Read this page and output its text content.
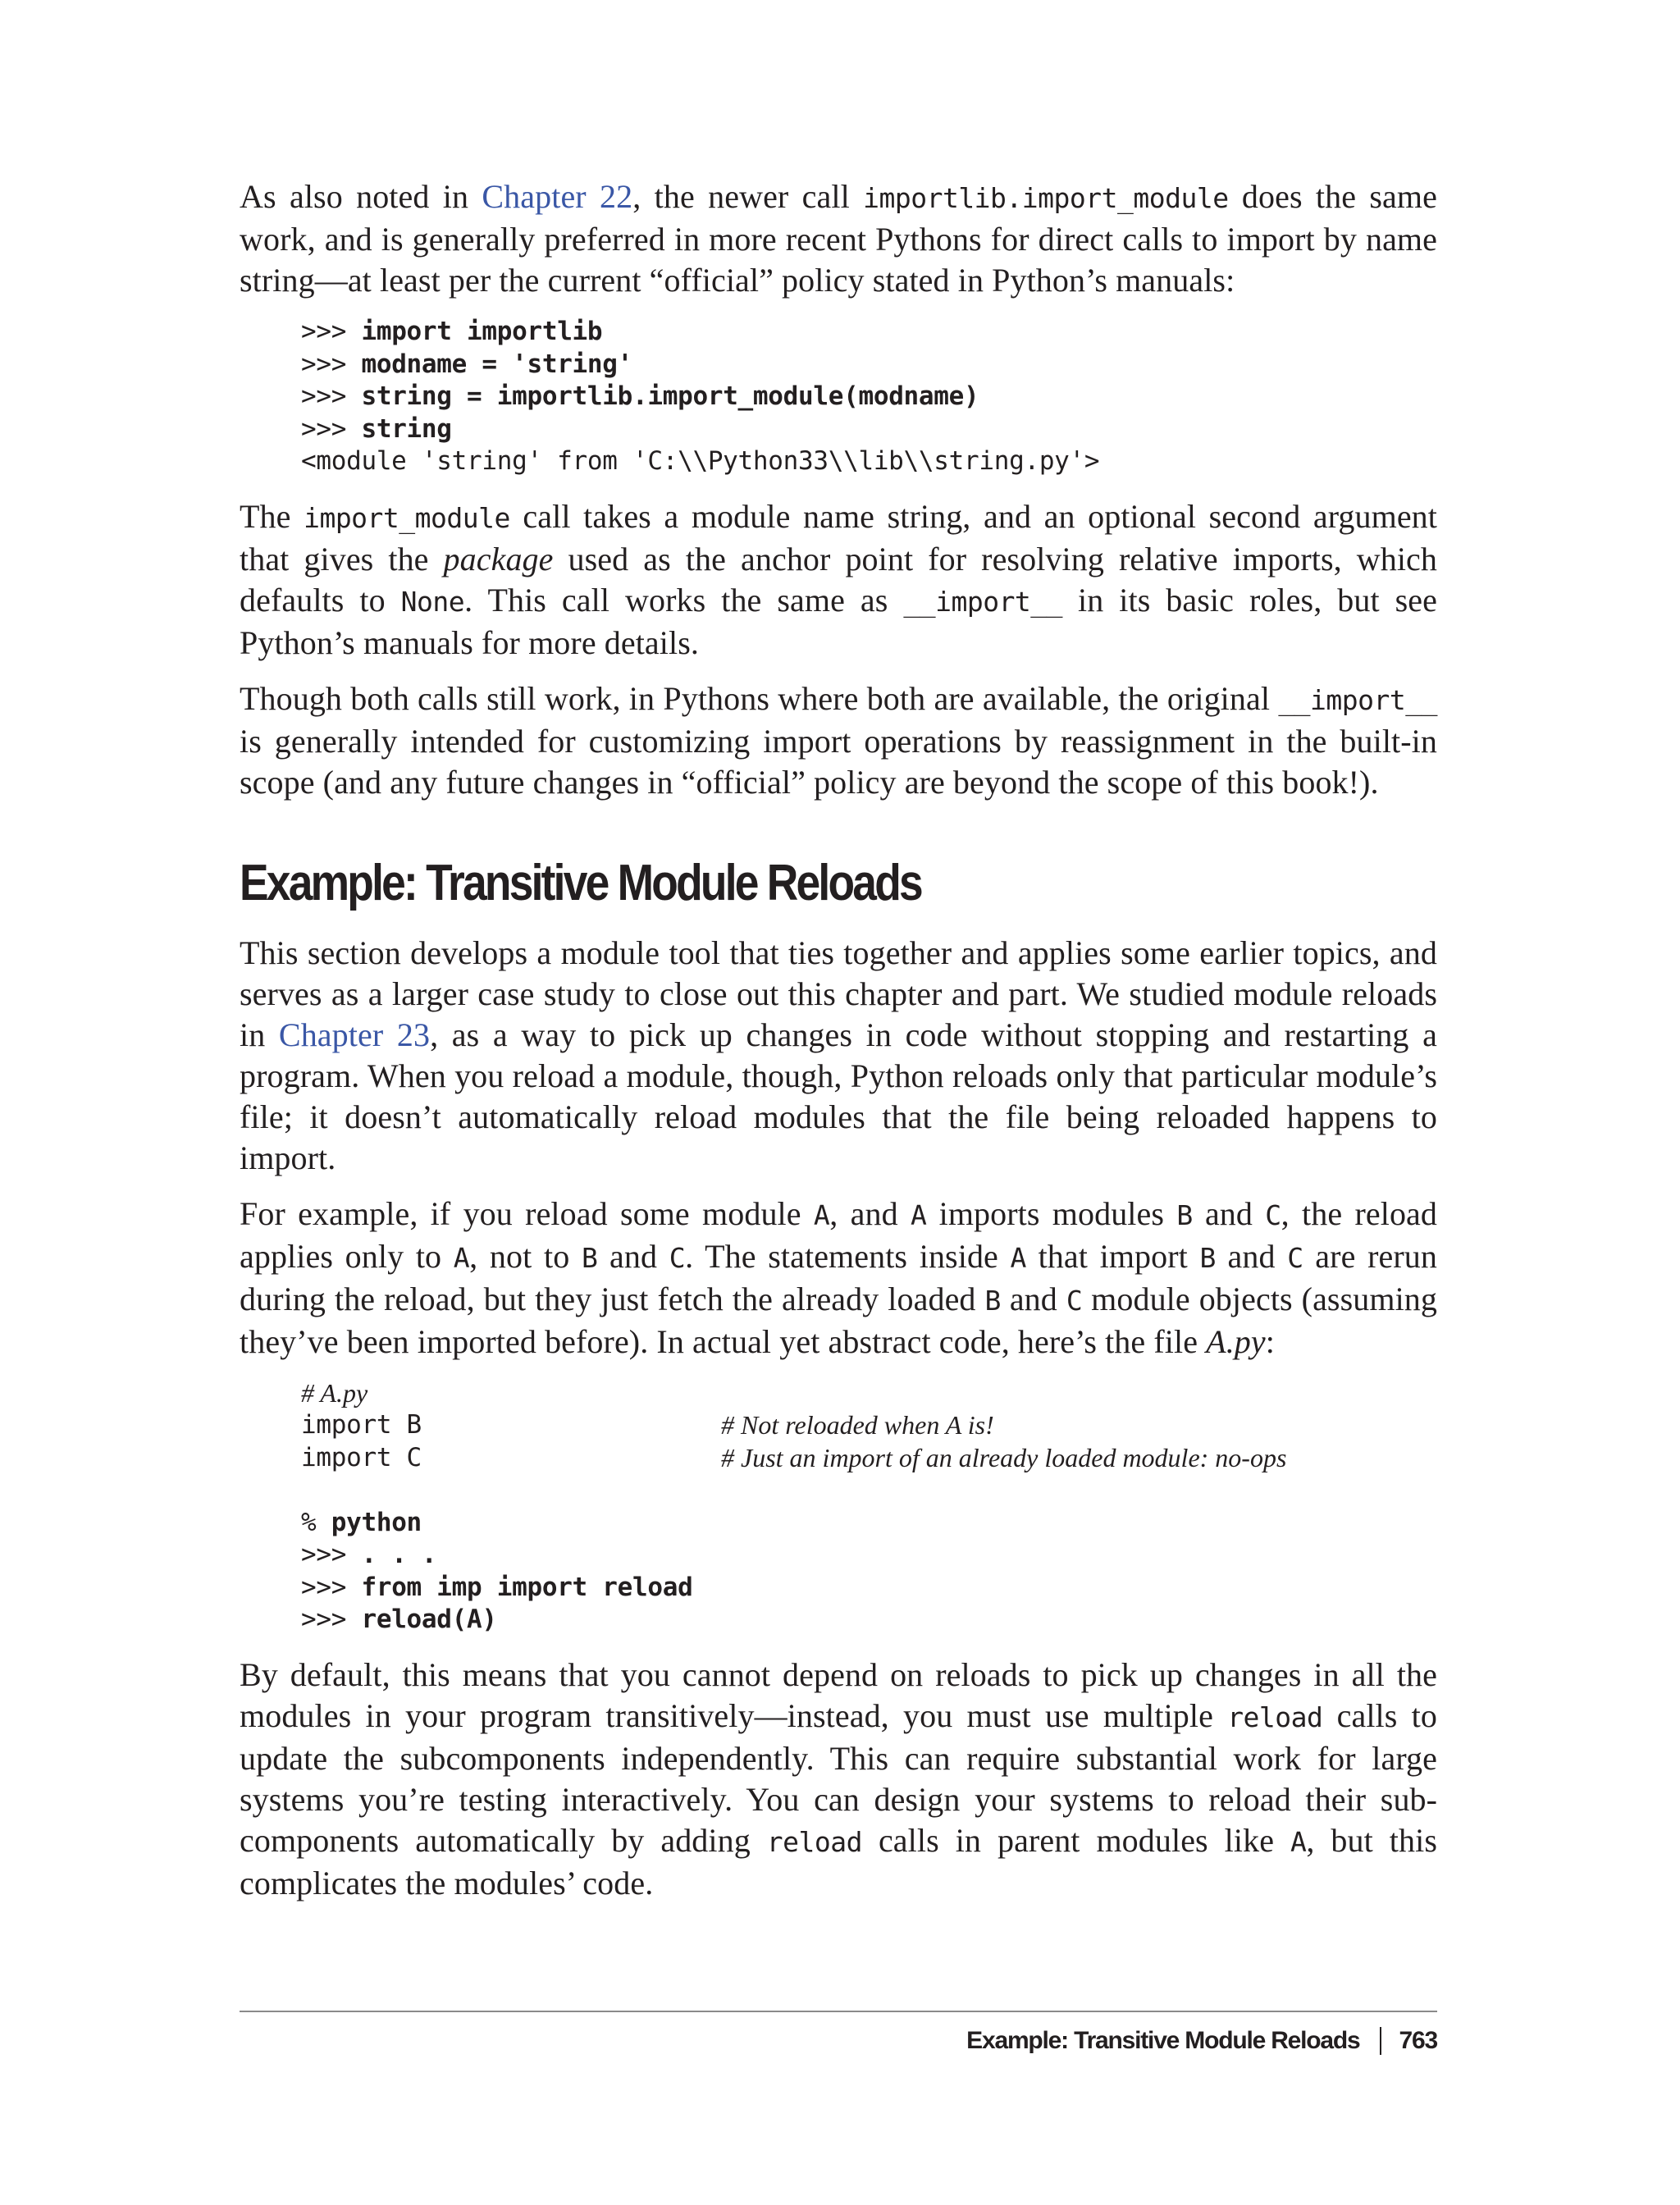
As also noted in Chapter 22, the newer call importlib.import_module does the same work, and is generally preferred in more recent Pythons for direct calls to import by name string—at least per the current “official” policy stated in Python’s manuals:

>>> import importlib
>>> modname = 'string'
>>> string = importlib.import_module(modname)
>>> string
<module 'string' from 'C:\\Python33\\lib\\string.py'>

The import_module call takes a module name string, and an optional second argument that gives the package used as the anchor point for resolving relative imports, which defaults to None. This call works the same as __import__ in its basic roles, but see Python’s manuals for more details.

Though both calls still work, in Pythons where both are available, the original __import__ is generally intended for customizing import operations by reassignment in the built-in scope (and any future changes in “official” policy are beyond the scope of this book!).

Example: Transitive Module Reloads

This section develops a module tool that ties together and applies some earlier topics, and serves as a larger case study to close out this chapter and part. We studied module reloads in Chapter 23, as a way to pick up changes in code without stopping and restarting a program. When you reload a module, though, Python reloads only that particular module’s file; it doesn’t automatically reload modules that the file being reloaded happens to import.

For example, if you reload some module A, and A imports modules B and C, the reload applies only to A, not to B and C. The statements inside A that import B and C are rerun during the reload, but they just fetch the already loaded B and C module objects (assuming they’ve been imported before). In actual yet abstract code, here’s the file A.py:

# A.py
import B	# Not reloaded when A is!
import C	# Just an import of an already loaded module: no-ops
% python
>>> . . .
>>> from imp import reload
>>> reload(A)

By default, this means that you cannot depend on reloads to pick up changes in all the modules in your program transitively—instead, you must use multiple reload calls to update the subcomponents independently. This can require substantial work for large systems you’re testing interactively. You can design your systems to reload their subcomponents automatically by adding reload calls in parent modules like A, but this complicates the modules’ code.

Example: Transitive Module Reloads 763
